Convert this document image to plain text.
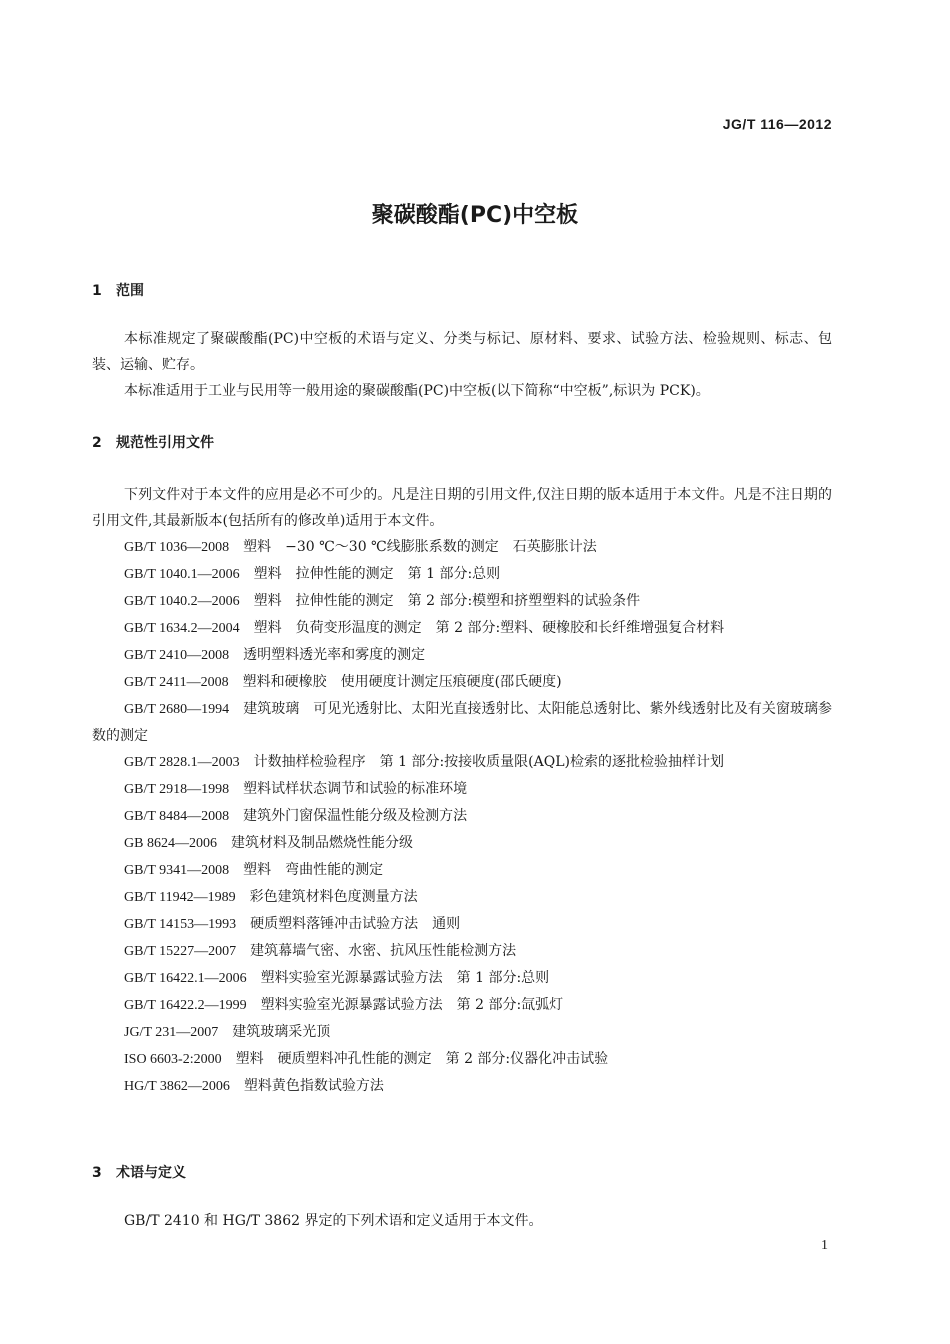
JG/T 116—2012
聚碳酸酯(PC)中空板
1 范围
本标准规定了聚碳酸酯(PC)中空板的术语与定义、分类与标记、原材料、要求、试验方法、检验规则、标志、包装、运输、贮存。
本标准适用于工业与民用等一般用途的聚碳酸酯(PC)中空板(以下简称“中空板”,标识为 PCK)。
2 规范性引用文件
下列文件对于本文件的应用是必不可少的。凡是注日期的引用文件,仅注日期的版本适用于本文件。凡是不注日期的引用文件,其最新版本(包括所有的修改单)适用于本文件。
GB/T 1036—2008 塑料　−30 ℃～30 ℃线膨胀系数的测定　石英膨胀计法
GB/T 1040.1—2006 塑料　拉伸性能的测定　第 1 部分:总则
GB/T 1040.2—2006 塑料　拉伸性能的测定　第 2 部分:模塑和挤塑塑料的试验条件
GB/T 1634.2—2004 塑料　负荷变形温度的测定　第 2 部分:塑料、硬橡胶和长纤维增强复合材料
GB/T 2410—2008 透明塑料透光率和雾度的测定
GB/T 2411—2008 塑料和硬橡胶　使用硬度计测定压痕硬度(邵氏硬度)
GB/T 2680—1994 建筑玻璃　可见光透射比、太阳光直接透射比、太阳能总透射比、紫外线透射比及有关窗玻璃参数的测定
GB/T 2828.1—2003 计数抽样检验程序　第 1 部分:按接收质量限(AQL)检索的逐批检验抽样计划
GB/T 2918—1998 塑料试样状态调节和试验的标准环境
GB/T 8484—2008 建筑外门窗保温性能分级及检测方法
GB 8624—2006 建筑材料及制品燃烧性能分级
GB/T 9341—2008 塑料　弯曲性能的测定
GB/T 11942—1989 彩色建筑材料色度测量方法
GB/T 14153—1993 硬质塑料落锤冲击试验方法　通则
GB/T 15227—2007 建筑幕墙气密、水密、抗风压性能检测方法
GB/T 16422.1—2006 塑料实验室光源暴露试验方法　第 1 部分:总则
GB/T 16422.2—1999 塑料实验室光源暴露试验方法　第 2 部分:氙弧灯
JG/T 231—2007 建筑玻璃采光顶
ISO 6603-2:2000 塑料　硬质塑料冲孔性能的测定　第 2 部分:仪器化冲击试验
HG/T 3862—2006 塑料黄色指数试验方法
3 术语与定义
GB/T 2410 和 HG/T 3862 界定的下列术语和定义适用于本文件。
1
